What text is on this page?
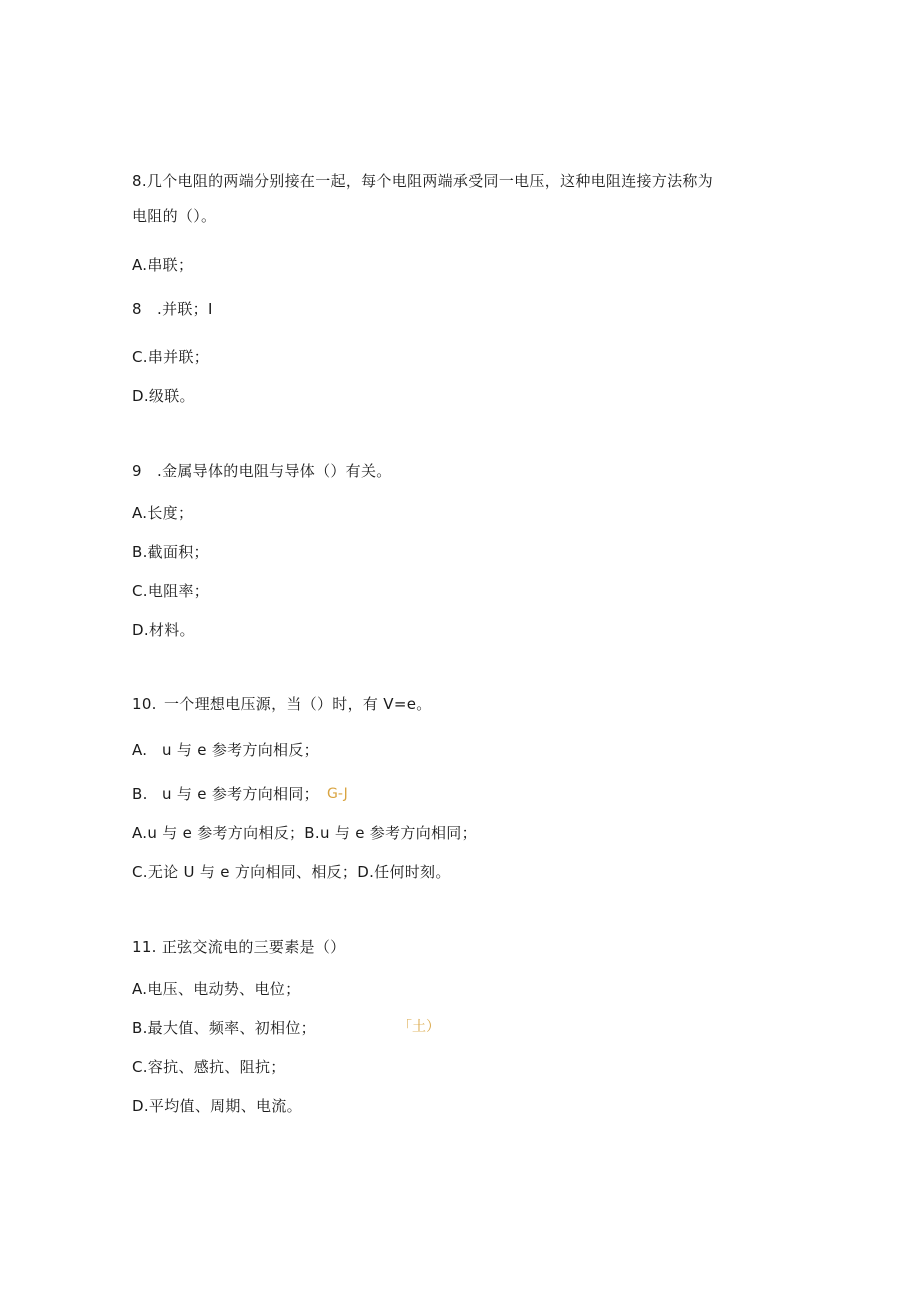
8.几个电阻的两端分别接在一起，每个电阻两端承受同一电压，这种电阻连接方法称为
电阻的（）。
A.串联；
8 .并联；I
C.串并联；
D.级联。
9 .金属导体的电阻与导体（）有关。
A.长度；
B.截面积；
C.电阻率；
D.材料。
10. 一个理想电压源，当（）时，有 V=e。
A. u 与 e 参考方向相反；
B. u 与 e 参考方向相同； G-J
A.u 与 e 参考方向相反；B.u 与 e 参考方向相同；
C.无论 U 与 e 方向相同、相反；D.任何时刻。
11. 正弦交流电的三要素是（）
A.电压、电动势、电位；
B.最大值、频率、初相位；	「土）
C.容抗、感抗、阻抗；
D.平均值、周期、电流。
